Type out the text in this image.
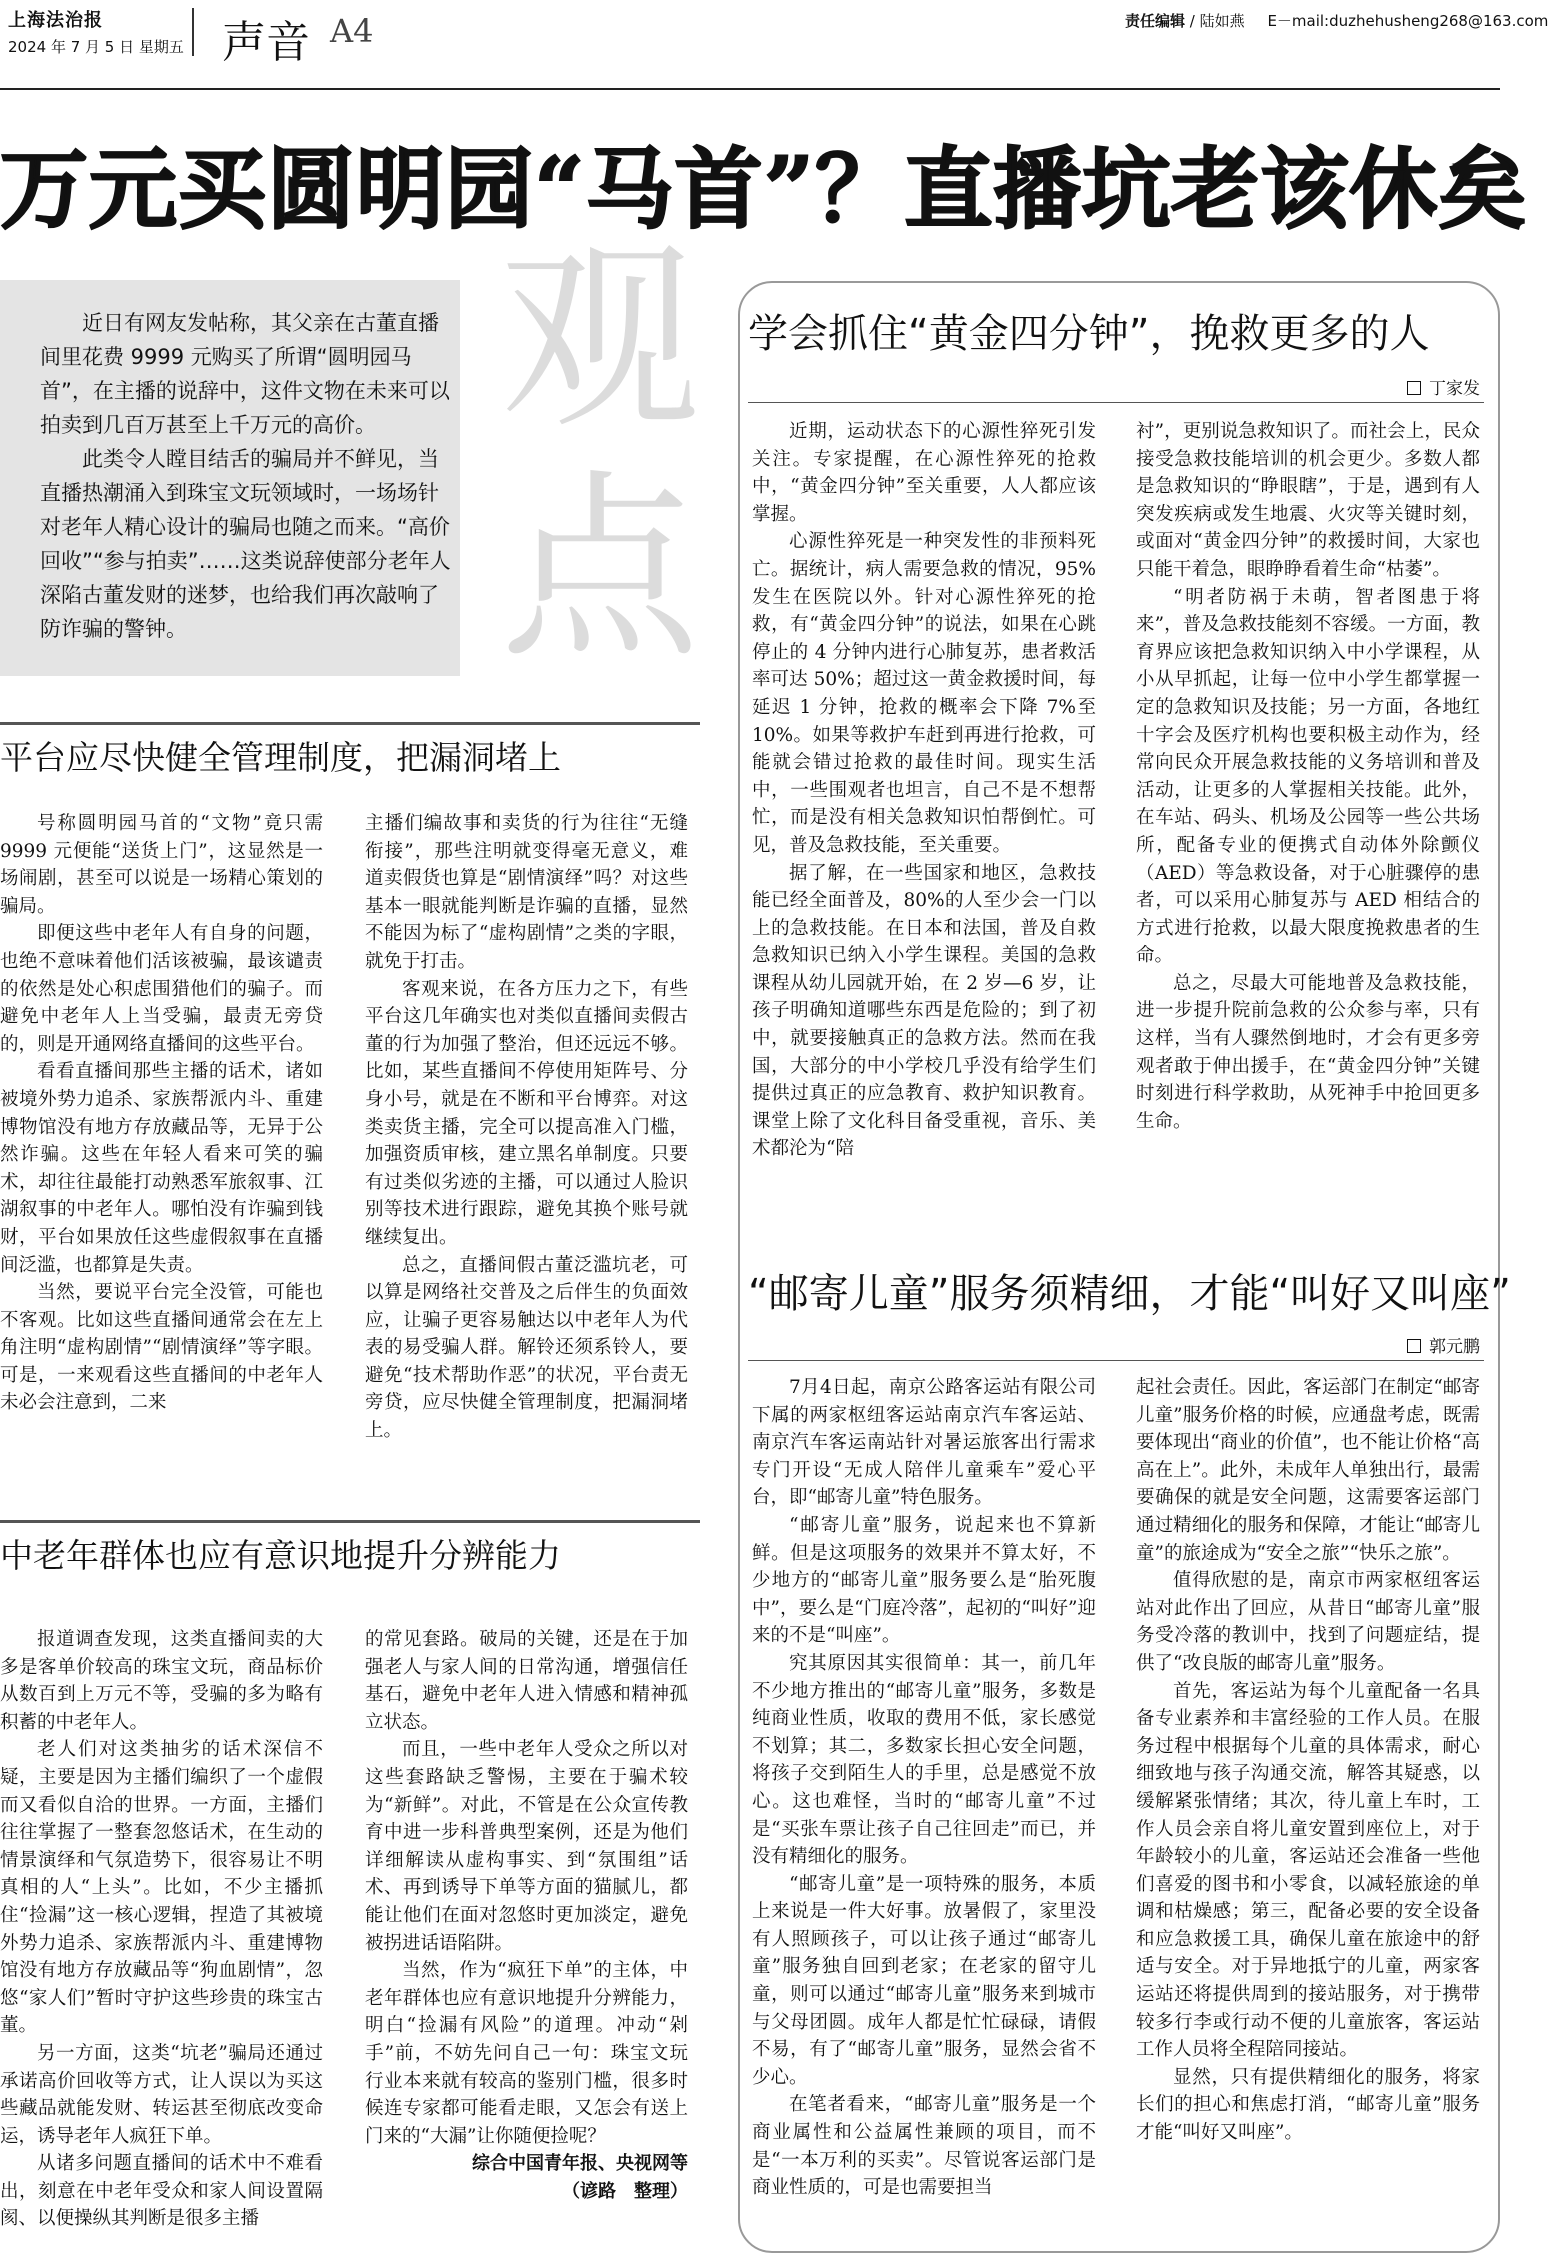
上海法治报
2024 年 7 月 5 日 星期五 声音 A4	责任编辑 / 陆如燕 E－mail:duzhehusheng268@163.com
万元买圆明园“马首”？直播坑老该休矣
观
点

近日有网友发帖称，其父亲在古董直播间里花费 9999 元购买了所谓“圆明园马首”，在主播的说辞中，这件文物在未来可以拍卖到几百万甚至上千万元的高价。

此类令人瞠目结舌的骗局并不鲜见，当直播热潮涌入到珠宝文玩领域时，一场场针对老年人精心设计的骗局也随之而来。“高价回收”“参与拍卖”……这类说辞使部分老年人深陷古董发财的迷梦，也给我们再次敲响了防诈骗的警钟。

平台应尽快健全管理制度，把漏洞堵上

号称圆明园马首的“文物”竟只需 9999 元便能“送货上门”，这显然是一场闹剧，甚至可以说是一场精心策划的骗局。

即便这些中老年人有自身的问题，也绝不意味着他们活该被骗，最该谴责的依然是处心积虑围猎他们的骗子。而避免中老年人上当受骗，最责无旁贷的，则是开通网络直播间的这些平台。

看看直播间那些主播的话术，诸如被境外势力追杀、家族帮派内斗、重建博物馆没有地方存放藏品等，无异于公然诈骗。这些在年轻人看来可笑的骗术，却往往最能打动熟悉军旅叙事、江湖叙事的中老年人。哪怕没有诈骗到钱财，平台如果放任这些虚假叙事在直播间泛滥，也都算是失责。

当然，要说平台完全没管，可能也不客观。比如这些直播间通常会在左上角注明“虚构剧情”“剧情演绎”等字眼。可是，一来观看这些直播间的中老年人未必会注意到，二来

主播们编故事和卖货的行为往往“无缝衔接”，那些注明就变得毫无意义，难道卖假货也算是“剧情演绎”吗？对这些基本一眼就能判断是诈骗的直播，显然不能因为标了“虚构剧情”之类的字眼，就免于打击。

客观来说，在各方压力之下，有些平台这几年确实也对类似直播间卖假古董的行为加强了整治，但还远远不够。比如，某些直播间不停使用矩阵号、分身小号，就是在不断和平台博弈。对这类卖货主播，完全可以提高准入门槛，加强资质审核，建立黑名单制度。只要有过类似劣迹的主播，可以通过人脸识别等技术进行跟踪，避免其换个账号就继续复出。

总之，直播间假古董泛滥坑老，可以算是网络社交普及之后伴生的负面效应，让骗子更容易触达以中老年人为代表的易受骗人群。解铃还须系铃人，要避免“技术帮助作恶”的状况，平台责无旁贷，应尽快健全管理制度，把漏洞堵上。

中老年群体也应有意识地提升分辨能力

报道调查发现，这类直播间卖的大多是客单价较高的珠宝文玩，商品标价从数百到上万元不等，受骗的多为略有积蓄的中老年人。

老人们对这类抽劣的话术深信不疑，主要是因为主播们编织了一个虚假而又看似自洽的世界。一方面，主播们往往掌握了一整套忽悠话术，在生动的情景演绎和气氛造势下，很容易让不明真相的人“上头”。比如，不少主播抓住“捡漏”这一核心逻辑，捏造了其被境外势力追杀、家族帮派内斗、重建博物馆没有地方存放藏品等“狗血剧情”，忽悠“家人们”暂时守护这些珍贵的珠宝古董。

另一方面，这类“坑老”骗局还通过承诺高价回收等方式，让人误以为买这些藏品就能发财、转运甚至彻底改变命运，诱导老年人疯狂下单。

从诸多问题直播间的话术中不难看出，刻意在中老年受众和家人间设置隔阂、以便操纵其判断是很多主播

的常见套路。破局的关键，还是在于加强老人与家人间的日常沟通，增强信任基石，避免中老年人进入情感和精神孤立状态。

而且，一些中老年人受众之所以对这些套路缺乏警惕，主要在于骗术较为“新鲜”。对此，不管是在公众宣传教育中进一步科普典型案例，还是为他们详细解读从虚构事实、到“氛围组”话术、再到诱导下单等方面的猫腻儿，都能让他们在面对忽悠时更加淡定，避免被拐进话语陷阱。

当然，作为“疯狂下单”的主体，中老年群体也应有意识地提升分辨能力，明白“捡漏有风险”的道理。冲动“剁手”前，不妨先问自己一句：珠宝文玩行业本来就有较高的鉴别门槛，很多时候连专家都可能看走眼，又怎会有送上门来的“大漏”让你随便捡呢？

综合中国青年报、央视网等
（谚路　整理）
学会抓住“黄金四分钟”，挽救更多的人
丁家发

近期，运动状态下的心源性猝死引发关注。专家提醒，在心源性猝死的抢救中，“黄金四分钟”至关重要，人人都应该掌握。

心源性猝死是一种突发性的非预料死亡。据统计，病人需要急救的情况，95%发生在医院以外。针对心源性猝死的抢救，有“黄金四分钟”的说法，如果在心跳停止的 4 分钟内进行心肺复苏，患者救活率可达 50%；超过这一黄金救援时间，每延迟 1 分钟，抢救的概率会下降 7%至 10%。如果等救护车赶到再进行抢救，可能就会错过抢救的最佳时间。现实生活中，一些围观者也坦言，自己不是不想帮忙，而是没有相关急救知识怕帮倒忙。可见，普及急救技能，至关重要。

据了解，在一些国家和地区，急救技能已经全面普及，80%的人至少会一门以上的急救技能。在日本和法国，普及自救急救知识已纳入小学生课程。美国的急救课程从幼儿园就开始，在 2 岁—6 岁，让孩子明确知道哪些东西是危险的；到了初中，就要接触真正的急救方法。然而在我国，大部分的中小学校几乎没有给学生们提供过真正的应急教育、救护知识教育。课堂上除了文化科目备受重视，音乐、美术都沦为“陪

衬”，更别说急救知识了。而社会上，民众接受急救技能培训的机会更少。多数人都是急救知识的“睁眼瞎”，于是，遇到有人突发疾病或发生地震、火灾等关键时刻，或面对“黄金四分钟”的救援时间，大家也只能干着急，眼睁睁看着生命“枯萎”。

“明者防祸于未萌，智者图患于将来”，普及急救技能刻不容缓。一方面，教育界应该把急救知识纳入中小学课程，从小从早抓起，让每一位中小学生都掌握一定的急救知识及技能；另一方面，各地红十字会及医疗机构也要积极主动作为，经常向民众开展急救技能的义务培训和普及活动，让更多的人掌握相关技能。此外，在车站、码头、机场及公园等一些公共场所，配备专业的便携式自动体外除颤仪（AED）等急救设备，对于心脏骤停的患者，可以采用心肺复苏与 AED 相结合的方式进行抢救，以最大限度挽救患者的生命。

总之，尽最大可能地普及急救技能，进一步提升院前急救的公众参与率，只有这样，当有人骤然倒地时，才会有更多旁观者敢于伸出援手，在“黄金四分钟”关键时刻进行科学救助，从死神手中抢回更多生命。

“邮寄儿童”服务须精细，才能“叫好又叫座”
郭元鹏

7月4日起，南京公路客运站有限公司下属的两家枢纽客运站南京汽车客运站、南京汽车客运南站针对暑运旅客出行需求专门开设“无成人陪伴儿童乘车”爱心平台，即“邮寄儿童”特色服务。

“邮寄儿童”服务，说起来也不算新鲜。但是这项服务的效果并不算太好，不少地方的“邮寄儿童”服务要么是“胎死腹中”，要么是“门庭冷落”，起初的“叫好”迎来的不是“叫座”。

究其原因其实很简单：其一，前几年不少地方推出的“邮寄儿童”服务，多数是纯商业性质，收取的费用不低，家长感觉不划算；其二，多数家长担心安全问题，将孩子交到陌生人的手里，总是感觉不放心。这也难怪，当时的“邮寄儿童”不过是“买张车票让孩子自己往回走”而已，并没有精细化的服务。

“邮寄儿童”是一项特殊的服务，本质上来说是一件大好事。放暑假了，家里没有人照顾孩子，可以让孩子通过“邮寄儿童”服务独自回到老家；在老家的留守儿童，则可以通过“邮寄儿童”服务来到城市与父母团圆。成年人都是忙忙碌碌，请假不易，有了“邮寄儿童”服务，显然会省不少心。

在笔者看来，“邮寄儿童”服务是一个商业属性和公益属性兼顾的项目，而不是“一本万利的买卖”。尽管说客运部门是商业性质的，可是也需要担当

起社会责任。因此，客运部门在制定“邮寄儿童”服务价格的时候，应通盘考虑，既需要体现出“商业的价值”，也不能让价格“高高在上”。此外，未成年人单独出行，最需要确保的就是安全问题，这需要客运部门通过精细化的服务和保障，才能让“邮寄儿童”的旅途成为“安全之旅”“快乐之旅”。

值得欣慰的是，南京市两家枢纽客运站对此作出了回应，从昔日“邮寄儿童”服务受冷落的教训中，找到了问题症结，提供了“改良版的邮寄儿童”服务。

首先，客运站为每个儿童配备一名具备专业素养和丰富经验的工作人员。在服务过程中根据每个儿童的具体需求，耐心细致地与孩子沟通交流，解答其疑惑，以缓解紧张情绪；其次，待儿童上车时，工作人员会亲自将儿童安置到座位上，对于年龄较小的儿童，客运站还会准备一些他们喜爱的图书和小零食，以减轻旅途的单调和枯燥感；第三，配备必要的安全设备和应急救援工具，确保儿童在旅途中的舒适与安全。对于异地抵宁的儿童，两家客运站还将提供周到的接站服务，对于携带较多行李或行动不便的儿童旅客，客运站工作人员将全程陪同接站。

显然，只有提供精细化的服务，将家长们的担心和焦虑打消，“邮寄儿童”服务才能“叫好又叫座”。
